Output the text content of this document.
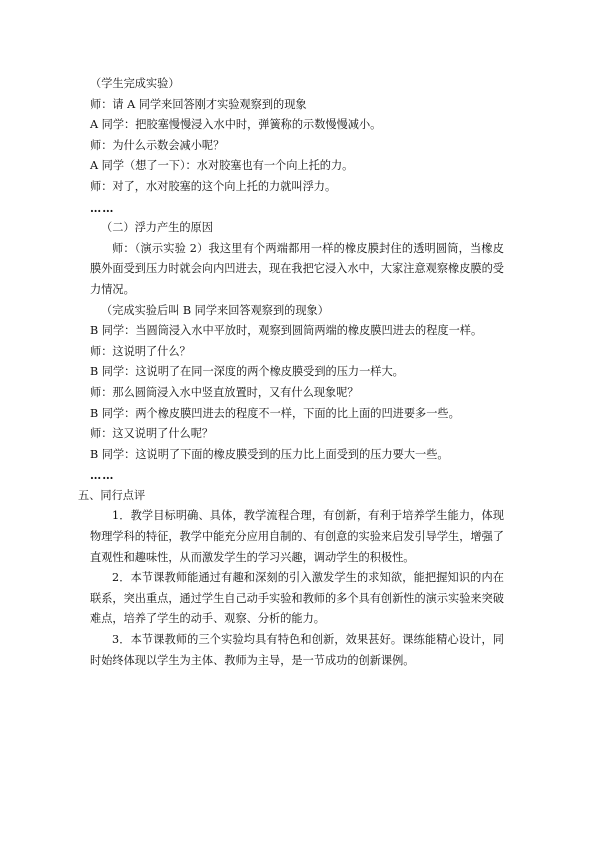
（学生完成实验）

师：请 A 同学来回答刚才实验观察到的现象

A 同学：把胶塞慢慢浸入水中时，弹簧称的示数慢慢减小。

师：为什么示数会减小呢？

A 同学（想了一下）：水对胶塞也有一个向上托的力。

师：对了，水对胶塞的这个向上托的力就叫浮力。

……

（二）浮力产生的原因

师：（演示实验 2）我这里有个两端都用一样的橡皮膜封住的透明圆筒，当橡皮膜外面受到压力时就会向内凹进去，现在我把它浸入水中，大家注意观察橡皮膜的受力情况。

（完成实验后叫 B 同学来回答观察到的现象）

B 同学：当圆筒浸入水中平放时，观察到圆筒两端的橡皮膜凹进去的程度一样。

师：这说明了什么？

B 同学：这说明了在同一深度的两个橡皮膜受到的压力一样大。

师：那么圆筒浸入水中竖直放置时，又有什么现象呢？

B 同学：两个橡皮膜凹进去的程度不一样，下面的比上面的凹进要多一些。

师：这又说明了什么呢？

B 同学：这说明了下面的橡皮膜受到的压力比上面受到的压力要大一些。

……

五、同行点评

1．教学目标明确、具体，教学流程合理，有创新，有利于培养学生能力，体现物理学科的特征，教学中能充分应用自制的、有创意的实验来启发引导学生，增强了直观性和趣味性，从而激发学生的学习兴趣，调动学生的积极性。

2．本节课教师能通过有趣和深刻的引入激发学生的求知欲，能把握知识的内在联系，突出重点，通过学生自己动手实验和教师的多个具有创新性的演示实验来突破难点，培养了学生的动手、观察、分析的能力。

3．本节课教师的三个实验均具有特色和创新，效果甚好。课练能精心设计，同时始终体现以学生为主体、教师为主导，是一节成功的创新课例。
